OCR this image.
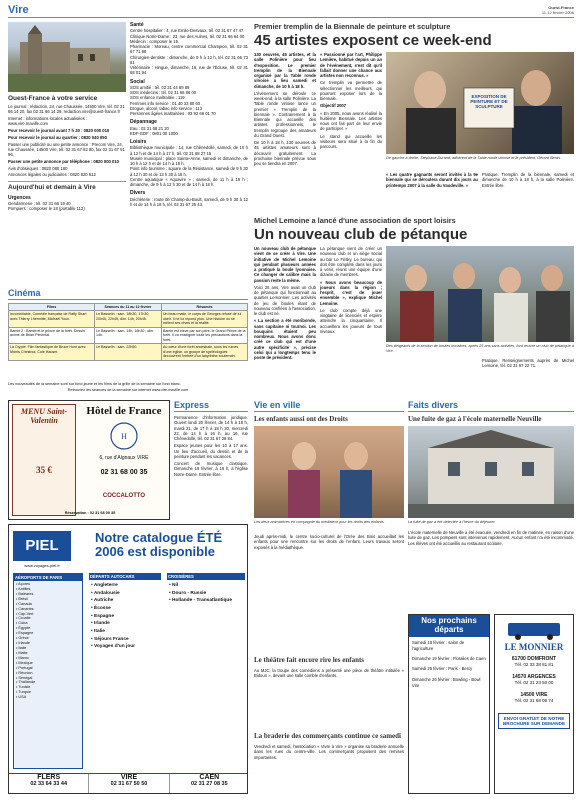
Vire	Ouest-France
11-12 février 2006
Ouest-France à votre service
Le journal : rédaction, 24, rue Chaussée, 14500 Vire, tél. 02 31 66 14 20, fax 02 31 66 14 29, redaction.vire@ouest-france.fr
Internet : informations locales actualisées : www.vire.maville.com
Pour recevoir le journal avant 7 h 30 : 0820 000 010
Pour recevoir le journal au quartier : 0820 040 050
Passer une publicité ou une petite annonce : Precom Vire, 24, rue Chaussée, 14500 Vire, tél. 02 31 67 82 80, fax 02 31 67 51 96.
Passer une petite annonce par téléphone : 0820 000 010
Avis d'obsèques : 0820 080 180
Annonces légales ou judiciaires : 0820 820 612
Aujourd'hui et demain à Vire
Urgences
Gendarmerie : tél. 02 31 66 19 40
Pompiers : composer le 18 (portable 112)
Santé
Centre hospitalier : 4, rue Emile-Desvaux, tél. 02 31 67 47 47
Clinique Notre-Dame : 23, rue des Aulnes, tél. 02 31 66 64 00
Médecin : composer le 15.
Pharmacie : Moreau, centre commercial Champion, tél. 02 31 67 71 98
Chirurgien-dentiste : dimanche, de 9 h à 12 h, tél. 02 31 66 73 81
Vétérinaire : Hingue, dimanche, 16, rue de l'Écluse, tél. 02 31 68 01 94
Social
SOS amitié : tél. 02 31 44 89 89
SOS médecins : tél. 02 31 66 86 00
SOS enfance maltraitée : 119
Femmes info service : 01 40 33 80 60
Drogue, alcool, tabac info service : 113
Personnes âgées maltraitées : 03 92 68 01 70
Dépannage
Eau : 02 31 68 21 20
EDF-GDF : 0801 00 1000
Loisirs
Bibliothèque municipale : 14, rue Chênedollé, samedi, de 10 h à 12 h et de 14 h à 17 h, tél. 02 31 68 27 15
Musée municipal : place Sainte-Anne, samedi et dimanche, de 10 h à 12 h et de 14 h à 18 h.
Point info tourisme : square de la Résistance, samedi de 9 h 30 à 12 h 30 et de 13 h 30 à 18 h.
Centre aquatique « Aquavire » : samedi, de 11 h à 19 h ; dimanche, de 9 h à 12 h 30 et de 14 h à 18 h.
Divers
Déchèterie : route de Champ-du-Boult, samedi, de 9 h 30 à 12 h et de 14 h à 18 h, tél. 02 31 67 25 43.
Premier tremplin de la Biennale de peinture et sculpture
45 artistes exposent ce week-end

130 oeuvres, 45 artistes, et la salle Polinière pour lieu d'exposition. Le premier tremplin de la Biennale organisé par la Table ronde virioise a lieu samedi et dimanche, de 10 h à 18 h.

L'événement se déroule ce week-end, à la salle Polinière. La Table ronde virioise lance un premier « Tremplin de la biennale ». Contrairement à la Biennale qui accueille des artistes professionnels, le tremplin regroupe des amateurs du Grand Ouest.

De 10 h à 18 h, 130 oeuvres de 45 artistes amateurs sont à découvrir gratuitement. La prochaine biennale prévue sous peu se tiendra en 2007.

« Passionné par l'art, Philippe Lemière, habitué depuis un an de l'événement, s'est dit qu'il fallait donner une chance aux artistes non reconnus. »

Ce tremplin va permettre de sélectionner les meilleurs, qui pourront exposer lors de la biennale.

Objectif 2007

« En 2005, nous avons réalisé la huitième Biennale. Les artistes nous ont fait part de leur envie de participer. »

Le stand qui accueille les visiteurs sera situé à la fin du parcours.

EXPOSITION DE PEINTURE ET DE SCULPTURE
De gauche à droite, Stéphane Durand, adhérent de la Table ronde virioise et le président, Gérard Benin.

« Les quatre gagnants seront invités à la 9e biennale qui se déroulera durant dix jours au printemps 2007 à la salle du Vaudeville. »

Pratique. Tremplin de la biennale, samedi et dimanche de 10 h à 18 h, à la salle Polinière. Entrée libre.

Michel Lemoine a lancé d'une association de sport loisirs
Un nouveau club de pétanque

Un nouveau club de pétanque vient de se créer à Vire. Une initiative de Michel Lemoine qui pendant plusieurs années a pratiqué la boule lyonnaise. Ce changer de calibre mais la passion reste la même.

Voici 25 ans, Vire avait un club de pétanque qui fonctionnait au quartier Lemonnier. Les activités de jeu de boules étant de nouveau confiées à l'association, le club est né.

« La section a été moribonde, sans capitaine ni tournoi. Les bouquins étaient peu nombreux. Nous avons donc créé ce club qui est d'une autre spécificité », précise celui qui a longtemps tenu le poste de président.

La pétanque vient de créer un nouveau club et un siège social au bar Le Frisky. Le bureau, qui doit être complété dans les jours à venir, réunit une équipe d'une dizaine de membres.

« Nous avons beaucoup de joueurs dans la région ; l'esprit, c'est de jouer ensemble », explique Michel Lemoine.

Le club compte déjà une vingtaine de licenciés et espère atteindre la cinquantaine. Il accueillera les joueurs de tous niveaux.

Des dirigeants de la section de boules bocaines, après 25 ans sans activités, font revivre un club de pétanque à Vire.

Pratique. Renseignements auprès de Michel Lemoine, tél. 02 31 67 22 71.

Cinéma
Films	Séances du 11 au 12 février	Résumés
Incontrôlable, Comédie française de Raffy Shart avec Thierry Lhermitte, Michaël Youn.	Le Basselin : sam. 18h30, 17h30, 20h45, 22h45, dim. 14h, 20h45.	Un beau matin, le corps de Georges refuse de lui obéir. Il ne lui répond plus. Une histoire où se mêlent ses rêves et la réalité.
Bambi 2 : Bambi et le prince de la forêt. Dessin animé de Brian Pimental.	Le Basselin : sam. 14h, 16h30 ; dim. 14h.	Bambi est élevé par son père, le Grand Prince de la forêt. Il va enseigner toute les précautions dans la forêt.
La Crypte. Film fantastique de Bruce Hunt avec Morris Chestnut, Cole Hauser.	Le Basselin : sam. 22h50.	Au cœur d'une forêt ancestrale, sous les ruines d'une église, un groupe de spéléologues découvrent l'entrée d'un labyrinthe souterrain.
Les nouveautés de la semaine sont sur fond jaune et les films de la grille de la semaine sur fond blanc.
Retrouvez les séances de la semaine sur internet www.vire.maville.com
MENU Saint-Valentin
35 €
Hôtel de France
H
6, rue d'Aignaux VIRE
02 31 68 00 35
COCCALOTTO
Réservation : 02 31 68 00 35
PIEL
www.voyages-piel.fr
Notre catalogue ÉTÉ 2006 est disponible
AÉROPORTS DE PARIS
• Açores
• Antilles
• Baléares
• Brésil
• Canada
• Canaries
• Cap-Vert
• Croatie
• Cuba
• Égypte
• Espagne
• Grèce
• Irlande
• Italie
• Malte
• Maroc
• Mexique
• Portugal
• Réunion
• Sénégal
• Thaïlande
• Tunisie
• Turquie
• USA
DÉPARTS AUTOCARS
• Angleterre
• Andalousie
• Autriche
• Écosse
• Espagne
• Irlande
• Italie
• Séjours France
• Voyages d'un jour
CROISIÈRES
• Nil
• Douro - Russie
• Hollande - Transatlantique
FLERS
02 33 64 33 44
VIRE
02 31 67 50 50
CAEN
02 31 27 08 35
Express

Permanence d'information juridique. Ouvert lundi 20 février, de 14 h à 16 h, mardi 21, de 17 h à 18 h 30, mercredi 22, de 14 h à 16 h, au 16, rue Chênedollé, tél. 02 31 67 26 84.

Espace jeunes pour les 10 à 17 ans. Un lieu d'accueil, du dessin et de la peinture pendant les vacances.

Concert de musique classique. Dimanche 19 février, à 16 h, à l'église Notre-Dame. Entrée libre.

Vie en ville
Les enfants aussi ont des Droits
Les deux animatrices en compagnie du médiateur pour les droits des enfants.
Jeudi après-midi, le centre socio-culturel de l'Orée des Bois accueillait les enfants pour une rencontre sur les droits de l'enfant. Leurs travaux seront exposés à la médiathèque.
Le théâtre fait encore rire les enfants
Au MJC, la troupe des comédiens a présenté une pièce de théâtre intitulée « Bidoun », devant une salle comble d'enfants.
La braderie des commerçants continue ce samedi
Vendredi et samedi, l'association « Vivre à Vire » organise sa braderie annuelle dans les rues du centre-ville. Les commerçants proposent des remises importantes.
Faits divers
Une fuite de gaz à l'école maternelle Neuville
La fuite de gaz a été détectée à l'heure du déjeuner.
L'école maternelle de Neuville a été évacuée, vendredi en fin de matinée, en raison d'une fuite de gaz. Les pompiers sont intervenus rapidement. Aucun enfant n'a été incommodé. Les élèves ont été accueillis au restaurant scolaire.
Nos prochains départs
Samedi 18 février : salon de l'agriculture
Dimanche 19 février : Floralies de Caen
Samedi 25 février : Paris - Bercy
Dimanche 26 février : Bowling - Bowl Vire
LE MONNIER
61700 DOMFRONT
Tél. 02 33 38 81 81
14570 ARGENCES
Tél. 02 31 23 50 00
14500 VIRE
Tél. 02 31 68 06 74
ENVOI GRATUIT DE NOTRE BROCHURE SUR DEMANDE
